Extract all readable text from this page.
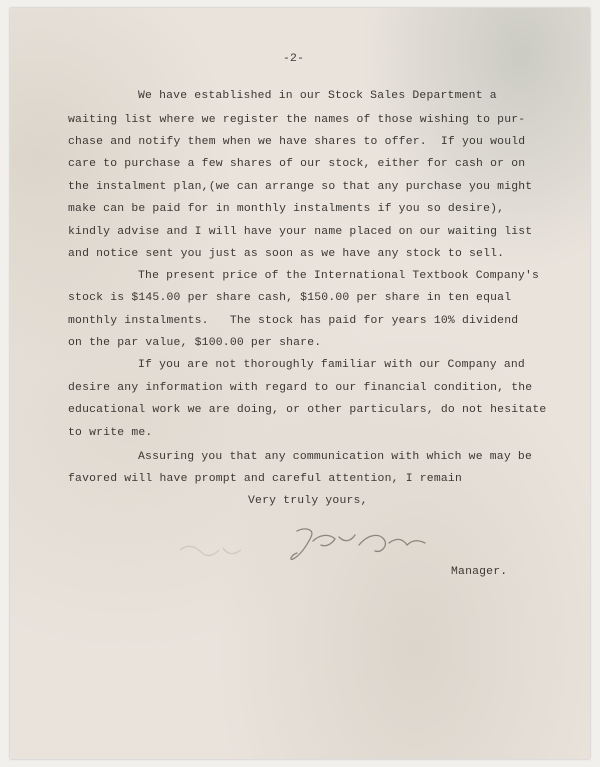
-2-
We have established in our Stock Sales Department a
waiting list where we register the names of those wishing to pur-
chase and notify them when we have shares to offer.  If you would
care to purchase a few shares of our stock, either for cash or on
the instalment plan,(we can arrange so that any purchase you might
make can be paid for in monthly instalments if you so desire),
kindly advise and I will have your name placed on our waiting list
and notice sent you just as soon as we have any stock to sell.
The present price of the International Textbook Company's
stock is $145.00 per share cash, $150.00 per share in ten equal
monthly instalments.   The stock has paid for years 10% dividend
on the par value, $100.00 per share.
If you are not thoroughly familiar with our Company and
desire any information with regard to our financial condition, the
educational work we are doing, or other particulars, do not hesitate
to write me.
Assuring you that any communication with which we may be
favored will have prompt and careful attention, I remain
Very truly yours,
Manager.
